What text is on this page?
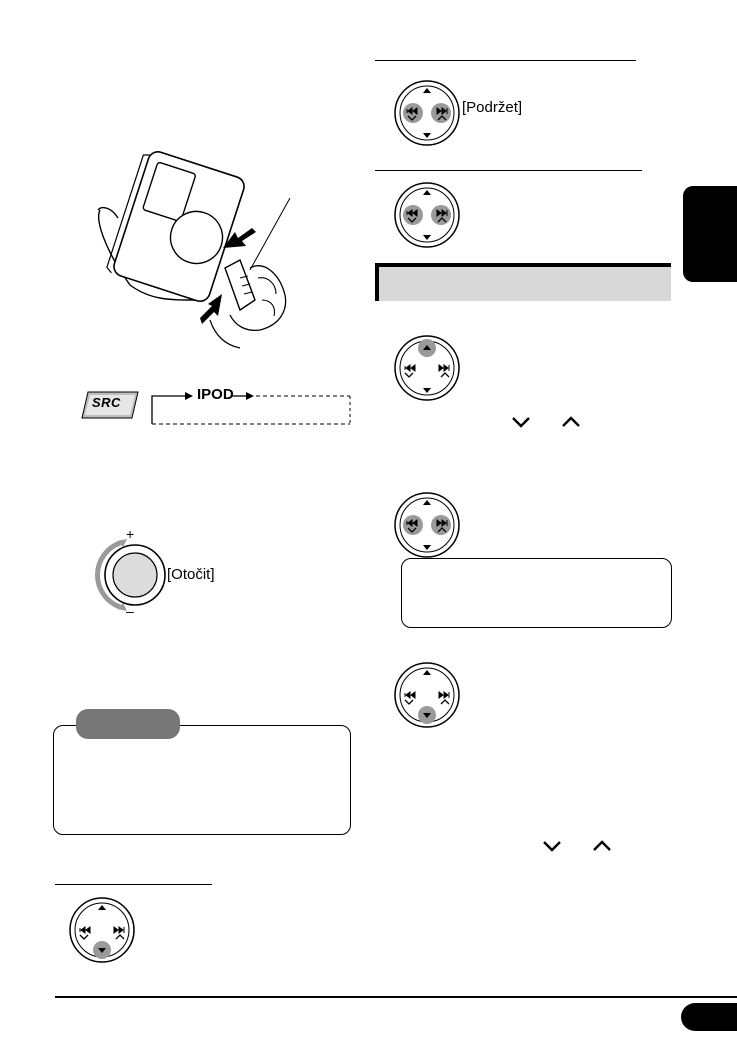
SRC	IPOD
+
–
[Otočit]
[Podržet]
